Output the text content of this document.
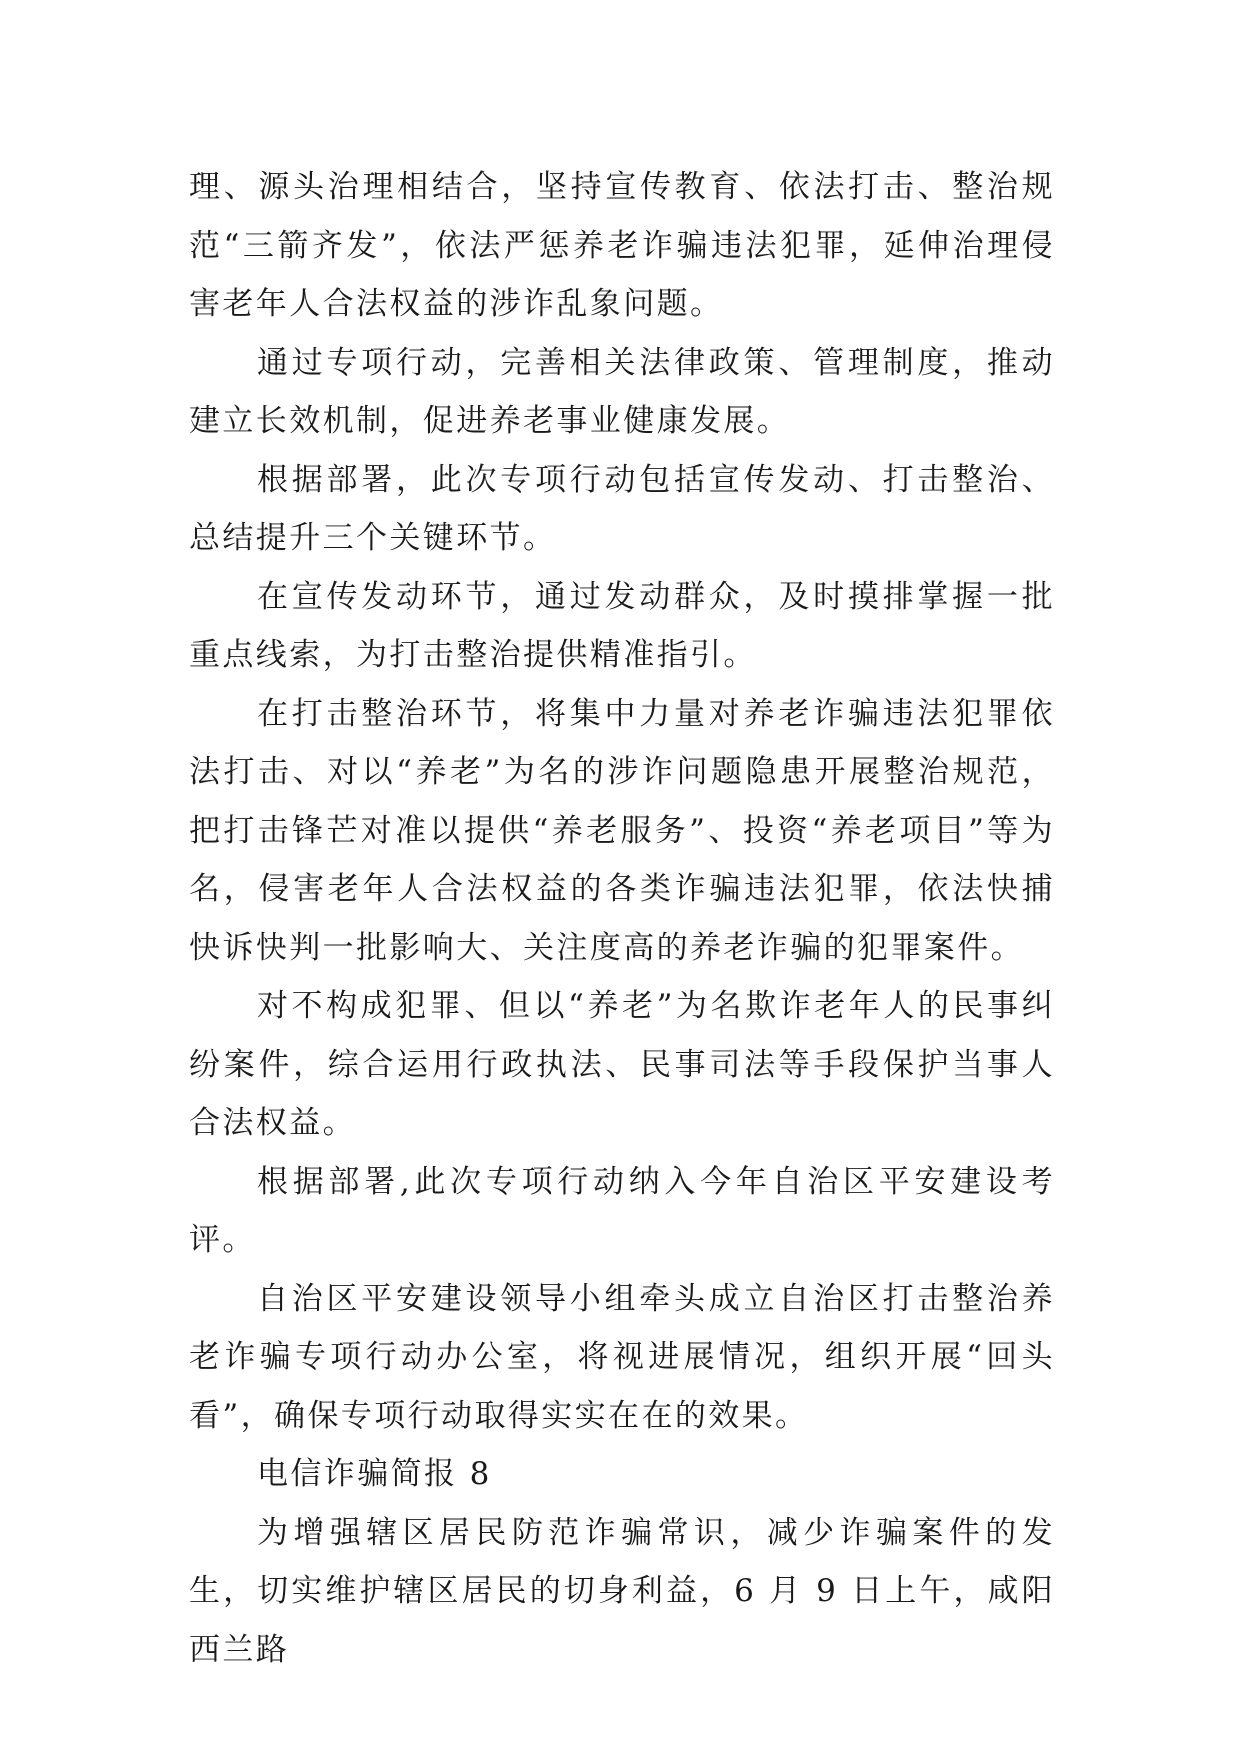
理、源头治理相结合，坚持宣传教育、依法打击、整治规范“三箭齐发”，依法严惩养老诈骗违法犯罪，延伸治理侵害老年人合法权益的涉诈乱象问题。

通过专项行动，完善相关法律政策、管理制度，推动建立长效机制，促进养老事业健康发展。

根据部署，此次专项行动包括宣传发动、打击整治、总结提升三个关键环节。

在宣传发动环节，通过发动群众，及时摸排掌握一批重点线索，为打击整治提供精准指引。

在打击整治环节，将集中力量对养老诈骗违法犯罪依法打击、对以“养老”为名的涉诈问题隐患开展整治规范，把打击锋芒对准以提供“养老服务”、投资“养老项目”等为名，侵害老年人合法权益的各类诈骗违法犯罪，依法快捕快诉快判一批影响大、关注度高的养老诈骗的犯罪案件。

对不构成犯罪、但以“养老”为名欺诈老年人的民事纠纷案件，综合运用行政执法、民事司法等手段保护当事人合法权益。

根据部署,此次专项行动纳入今年自治区平安建设考评。

自治区平安建设领导小组牵头成立自治区打击整治养老诈骗专项行动办公室，将视进展情况，组织开展“回头看”，确保专项行动取得实实在在的效果。

电信诈骗简报 8

为增强辖区居民防范诈骗常识，减少诈骗案件的发生，切实维护辖区居民的切身利益，6 月 9 日上午，咸阳西兰路
